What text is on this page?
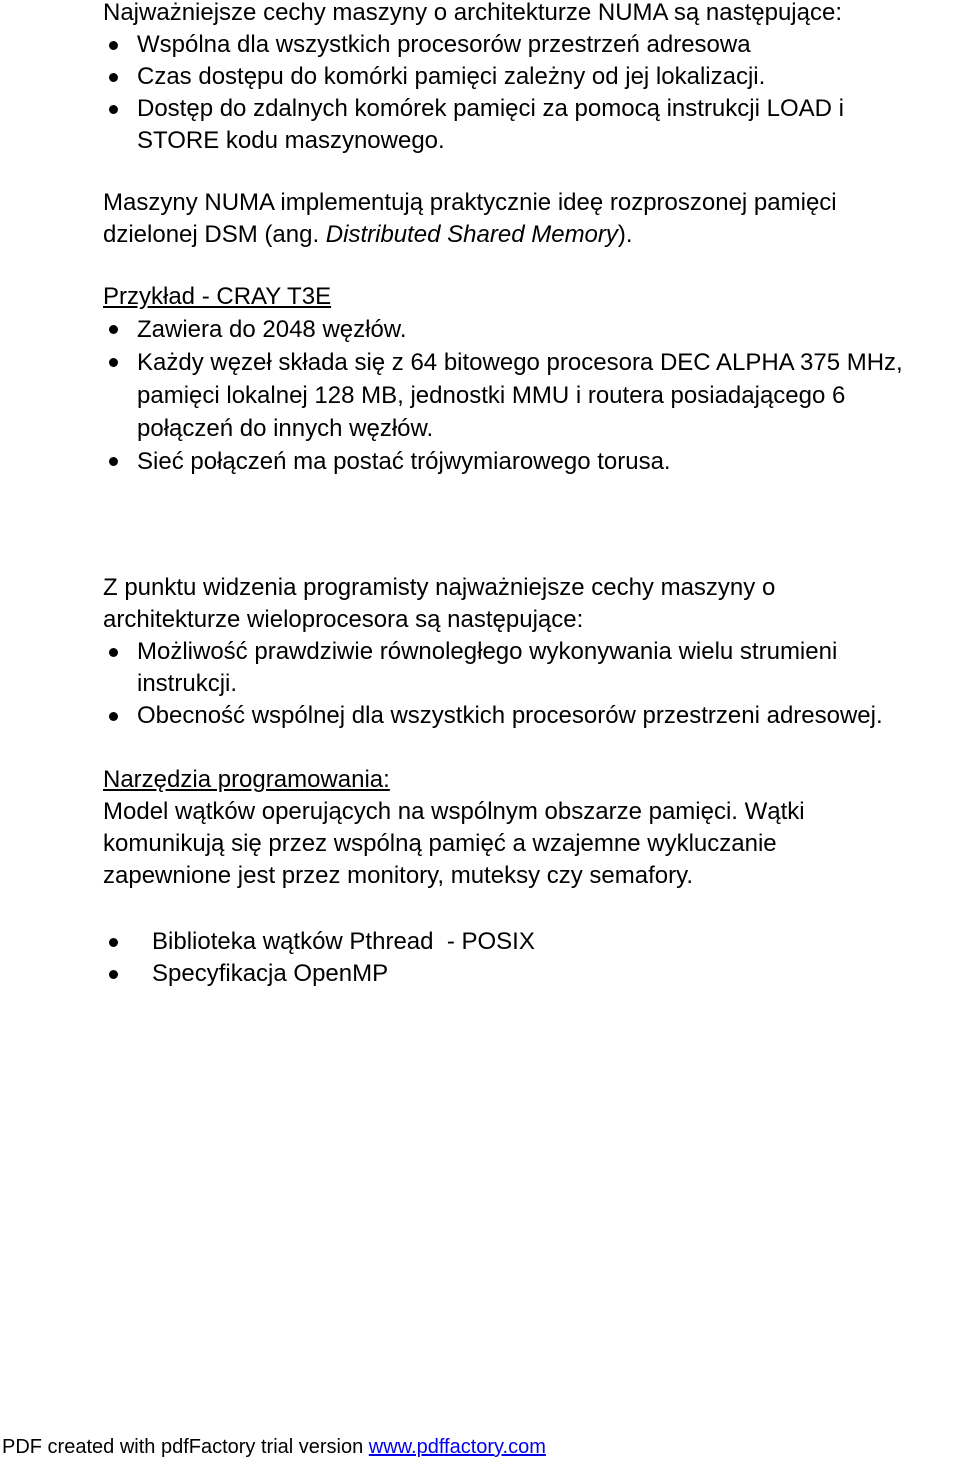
Najważniejsze cechy maszyny o architekturze NUMA są następujące:

Wspólna dla wszystkich procesorów przestrzeń adresowa
Czas dostępu do komórki pamięci zależny od jej lokalizacji.
Dostęp do zdalnych komórek pamięci za pomocą instrukcji LOAD i STORE kodu maszynowego.

Maszyny NUMA implementują praktycznie ideę rozproszonej pamięci dzielonej DSM (ang. Distributed Shared Memory).

Przykład - CRAY T3E

Zawiera do 2048 węzłów.
Każdy węzeł składa się z 64 bitowego procesora DEC ALPHA 375 MHz, pamięci lokalnej 128 MB, jednostki MMU i routera posiadającego 6 połączeń do innych węzłów.
Sieć połączeń ma postać trójwymiarowego torusa.

Z punktu widzenia programisty najważniejsze cechy maszyny o architekturze wieloprocesora są następujące:

Możliwość prawdziwie równoległego wykonywania wielu strumieni instrukcji.
Obecność wspólnej dla wszystkich procesorów przestrzeni adresowej.

Narzędzia programowania:

Model wątków operujących na wspólnym obszarze pamięci. Wątki komunikują się przez wspólną pamięć a wzajemne wykluczanie zapewnione jest przez monitory, muteksy czy semafory.

Biblioteka wątków Pthread  - POSIX
Specyfikacja OpenMP
PDF created with pdfFactory trial version www.pdffactory.com
